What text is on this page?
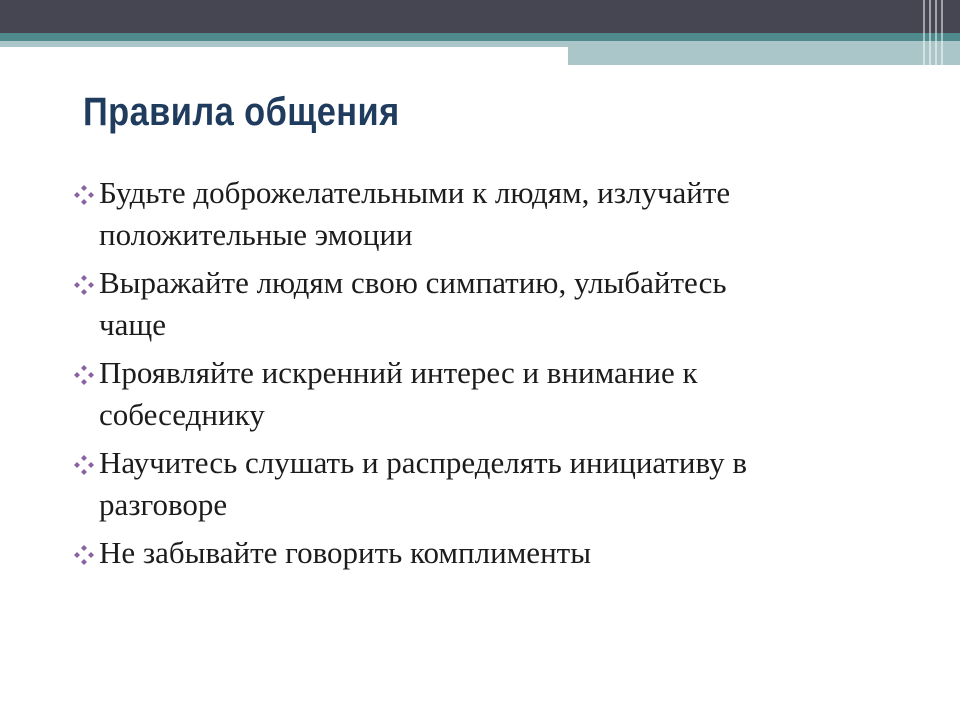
Правила общения
Будьте доброжелательными к людям, излучайте
положительные эмоции
Выражайте людям свою симпатию, улыбайтесь
чаще
Проявляйте искренний интерес и внимание к
собеседнику
Научитесь слушать и распределять инициативу в
разговоре
Не забывайте говорить комплименты
